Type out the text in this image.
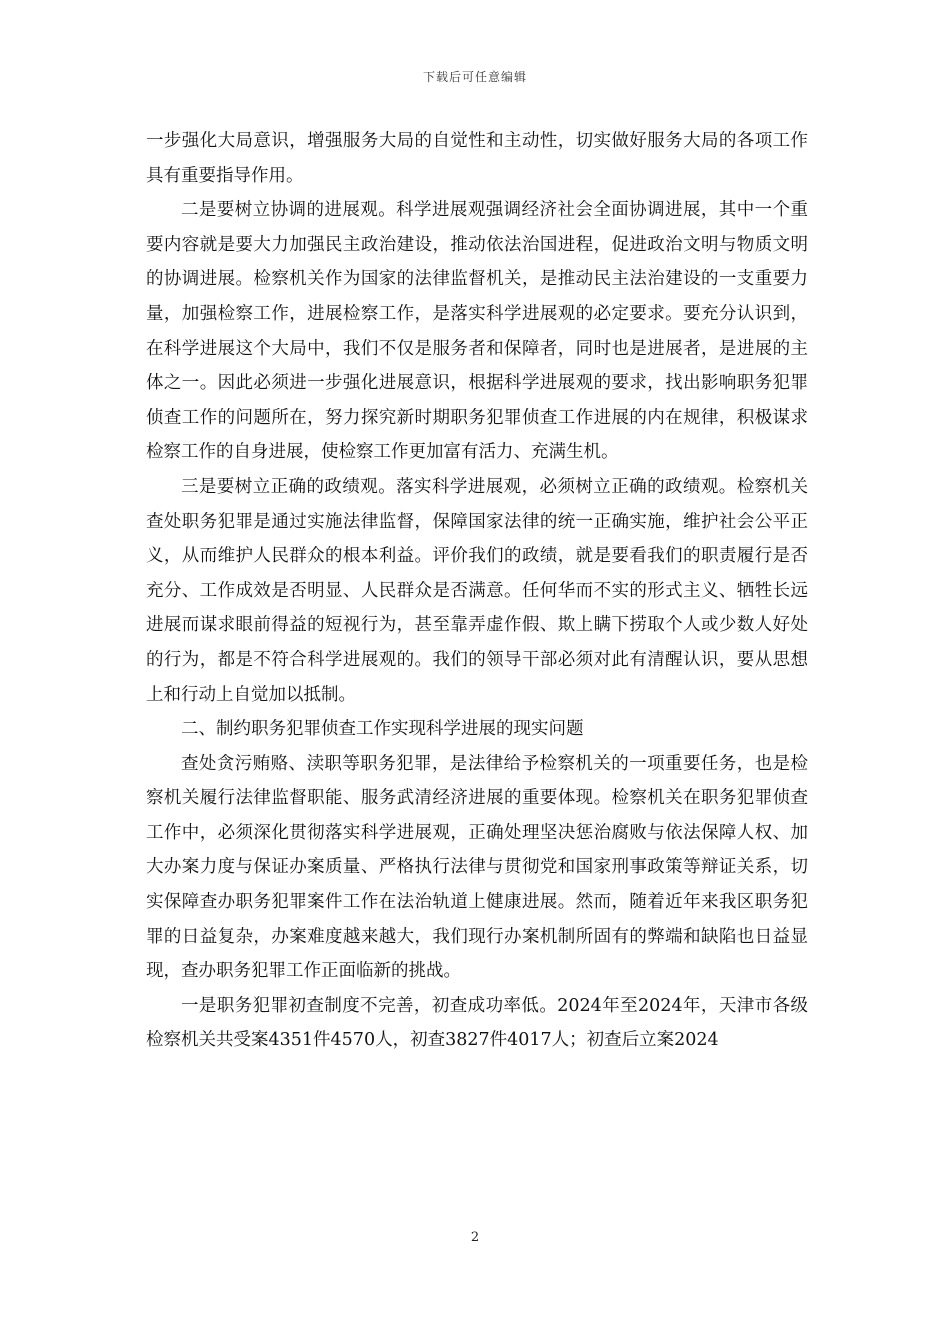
下载后可任意编辑

一步强化大局意识，增强服务大局的自觉性和主动性，切实做好服务大局的各项工作具有重要指导作用。

二是要树立协调的进展观。科学进展观强调经济社会全面协调进展，其中一个重要内容就是要大力加强民主政治建设，推动依法治国进程，促进政治文明与物质文明的协调进展。检察机关作为国家的法律监督机关，是推动民主法治建设的一支重要力量，加强检察工作，进展检察工作，是落实科学进展观的必定要求。要充分认识到，在科学进展这个大局中，我们不仅是服务者和保障者，同时也是进展者，是进展的主体之一。因此必须进一步强化进展意识，根据科学进展观的要求，找出影响职务犯罪侦查工作的问题所在，努力探究新时期职务犯罪侦查工作进展的内在规律，积极谋求检察工作的自身进展，使检察工作更加富有活力、充满生机。

三是要树立正确的政绩观。落实科学进展观，必须树立正确的政绩观。检察机关查处职务犯罪是通过实施法律监督，保障国家法律的统一正确实施，维护社会公平正义，从而维护人民群众的根本利益。评价我们的政绩，就是要看我们的职责履行是否充分、工作成效是否明显、人民群众是否满意。任何华而不实的形式主义、牺牲长远进展而谋求眼前得益的短视行为，甚至靠弄虚作假、欺上瞒下捞取个人或少数人好处的行为，都是不符合科学进展观的。我们的领导干部必须对此有清醒认识，要从思想上和行动上自觉加以抵制。

二、制约职务犯罪侦查工作实现科学进展的现实问题

查处贪污贿赂、渎职等职务犯罪，是法律给予检察机关的一项重要任务，也是检察机关履行法律监督职能、服务武清经济进展的重要体现。检察机关在职务犯罪侦查工作中，必须深化贯彻落实科学进展观，正确处理坚决惩治腐败与依法保障人权、加大办案力度与保证办案质量、严格执行法律与贯彻党和国家刑事政策等辩证关系，切实保障查办职务犯罪案件工作在法治轨道上健康进展。然而，随着近年来我区职务犯罪的日益复杂，办案难度越来越大，我们现行办案机制所固有的弊端和缺陷也日益显现，查办职务犯罪工作正面临新的挑战。

一是职务犯罪初查制度不完善，初查成功率低。2024年至2024年，天津市各级检察机关共受案4351件4570人，初查3827件4017人；初查后立案2024

2
